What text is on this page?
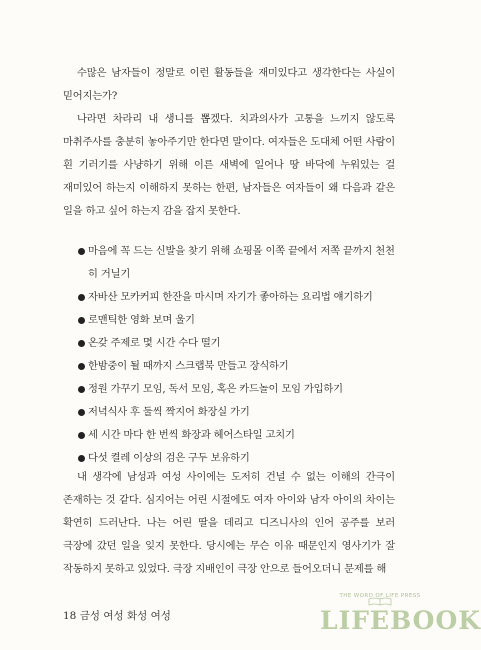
수많은 남자들이 정말로 이런 활동들을 재미있다고 생각한다는 사실이 믿어지는가?

나라면 차라리 내 생니를 뽑겠다. 치과의사가 고통을 느끼지 않도록 마취주사를 충분히 놓아주기만 한다면 말이다. 여자들은 도대체 어떤 사람이 흰 기러기를 사냥하기 위해 이른 새벽에 일어나 땅 바닥에 누워있는 걸 재미있어 하는지 이해하지 못하는 한편, 남자들은 여자들이 왜 다음과 같은 일을 하고 싶어 하는지 감을 잡지 못한다.

마음에 꼭 드는 신발을 찾기 위해 쇼핑몰 이쪽 끝에서 저쪽 끝까지 천천히 거닐기
자바산 모카커피 한잔을 마시며 자기가 좋아하는 요리법 얘기하기
로맨틱한 영화 보며 울기
온갖 주제로 몇 시간 수다 떨기
한밤중이 될 때까지 스크랩북 만들고 장식하기
정원 가꾸기 모임, 독서 모임, 혹은 카드놀이 모임 가입하기
저녁식사 후 둘씩 짝지어 화장실 가기
세 시간 마다 한 번씩 화장과 헤어스타일 고치기
다섯 켤레 이상의 검은 구두 보유하기

내 생각에 남성과 여성 사이에는 도저히 건널 수 없는 이해의 간극이 존재하는 것 같다. 심지어는 어린 시절에도 여자 아이와 남자 아이의 차이는 확연히 드러난다. 나는 어린 딸을 데리고 디즈니사의 인어 공주를 보러 극장에 갔던 일을 잊지 못한다. 당시에는 무슨 이유 때문인지 영사기가 잘 작동하지 못하고 있었다. 극장 지배인이 극장 안으로 들어오더니 문제를 해

18 금성 여성 화성 여성
THE WORD OF LIFE PRESS
LIFEBOOK
